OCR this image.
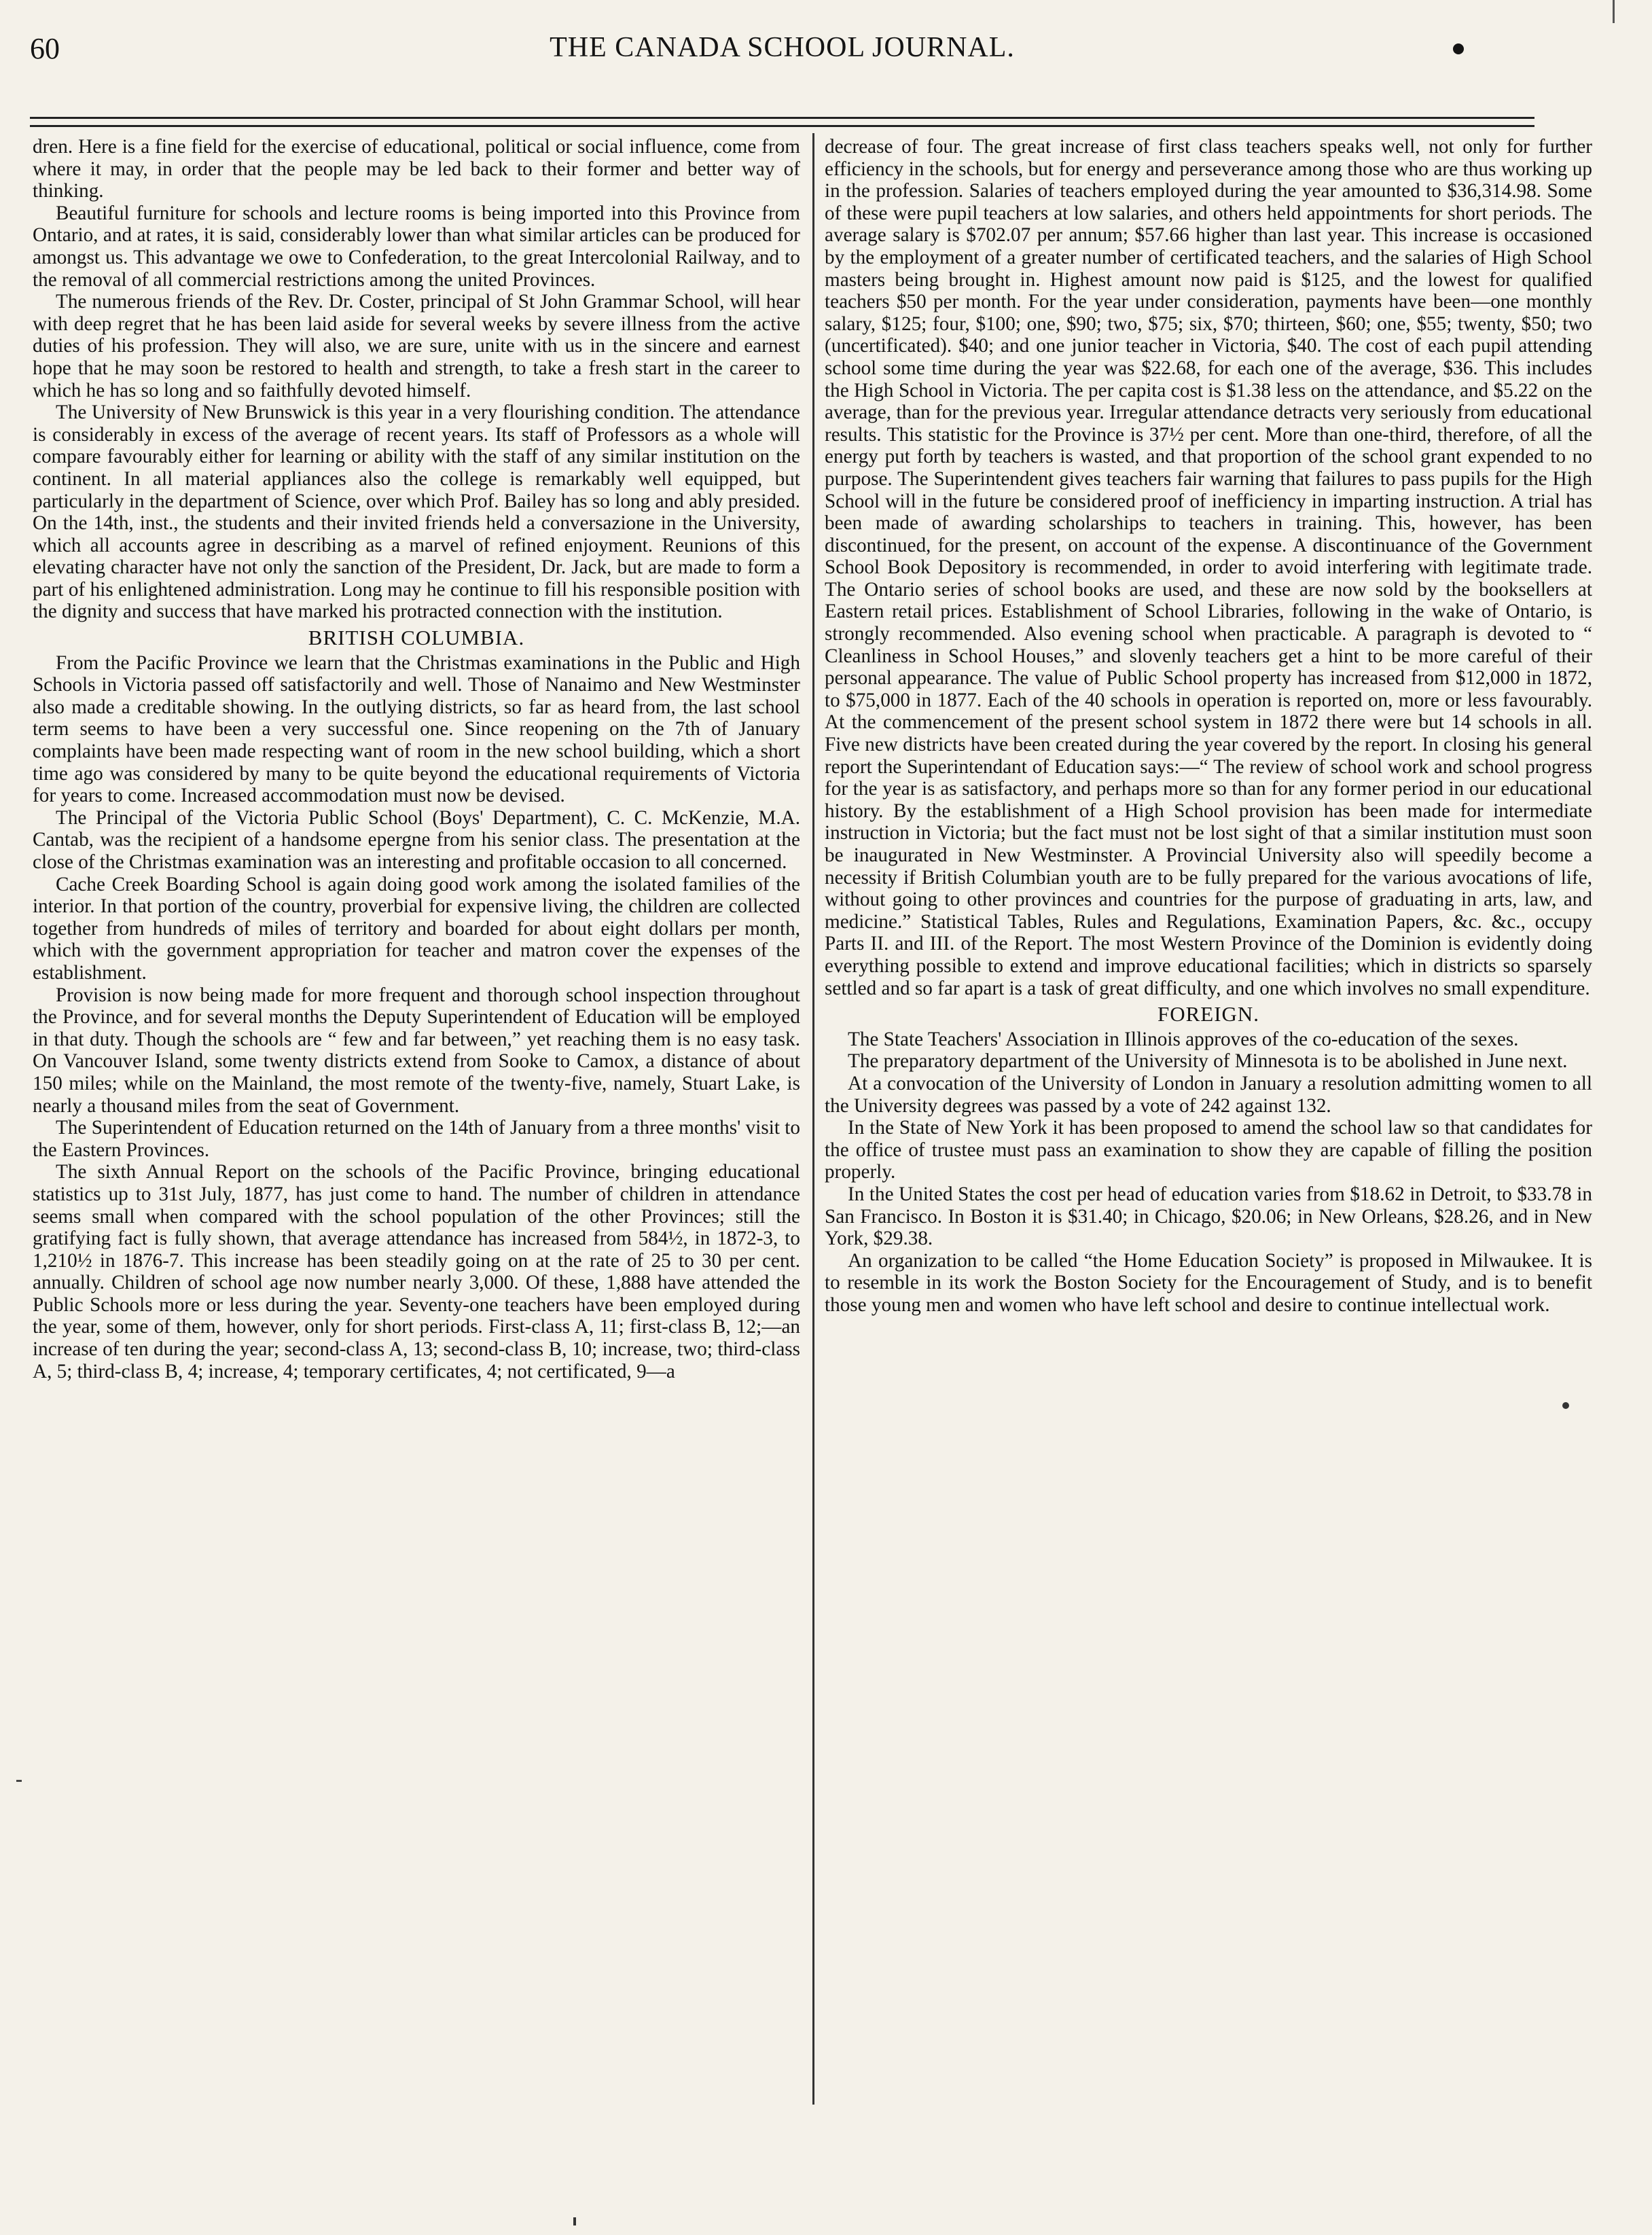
60	THE CANADA SCHOOL JOURNAL.

dren. Here is a fine field for the exercise of educational, political or social influence, come from where it may, in order that the people may be led back to their former and better way of thinking.

Beautiful furniture for schools and lecture rooms is being imported into this Province from Ontario, and at rates, it is said, considerably lower than what similar articles can be produced for amongst us. This advantage we owe to Confederation, to the great Intercolonial Railway, and to the removal of all commercial restrictions among the united Provinces.

The numerous friends of the Rev. Dr. Coster, principal of St John Grammar School, will hear with deep regret that he has been laid aside for several weeks by severe illness from the active duties of his profession. They will also, we are sure, unite with us in the sincere and earnest hope that he may soon be restored to health and strength, to take a fresh start in the career to which he has so long and so faithfully devoted himself.

The University of New Brunswick is this year in a very flourishing condition. The attendance is considerably in excess of the average of recent years. Its staff of Professors as a whole will compare favourably either for learning or ability with the staff of any similar institution on the continent. In all material appliances also the college is remarkably well equipped, but particularly in the department of Science, over which Prof. Bailey has so long and ably presided. On the 14th, inst., the students and their invited friends held a conversazione in the University, which all accounts agree in describing as a marvel of refined enjoyment. Reunions of this elevating character have not only the sanction of the President, Dr. Jack, but are made to form a part of his enlightened administration. Long may he continue to fill his responsible position with the dignity and success that have marked his protracted connection with the institution.

BRITISH COLUMBIA.

From the Pacific Province we learn that the Christmas examinations in the Public and High Schools in Victoria passed off satisfactorily and well. Those of Nanaimo and New Westminster also made a creditable showing. In the outlying districts, so far as heard from, the last school term seems to have been a very successful one. Since reopening on the 7th of January complaints have been made respecting want of room in the new school building, which a short time ago was considered by many to be quite beyond the educational requirements of Victoria for years to come. Increased accommodation must now be devised.

The Principal of the Victoria Public School (Boys' Department), C. C. McKenzie, M.A. Cantab, was the recipient of a handsome epergne from his senior class. The presentation at the close of the Christmas examination was an interesting and profitable occasion to all concerned.

Cache Creek Boarding School is again doing good work among the isolated families of the interior. In that portion of the country, proverbial for expensive living, the children are collected together from hundreds of miles of territory and boarded for about eight dollars per month, which with the government appropriation for teacher and matron cover the expenses of the establishment.

Provision is now being made for more frequent and thorough school inspection throughout the Province, and for several months the Deputy Superintendent of Education will be employed in that duty. Though the schools are “ few and far between,” yet reaching them is no easy task. On Vancouver Island, some twenty districts extend from Sooke to Camox, a distance of about 150 miles; while on the Mainland, the most remote of the twenty-five, namely, Stuart Lake, is nearly a thousand miles from the seat of Government.

The Superintendent of Education returned on the 14th of January from a three months' visit to the Eastern Provinces.

The sixth Annual Report on the schools of the Pacific Province, bringing educational statistics up to 31st July, 1877, has just come to hand. The number of children in attendance seems small when compared with the school population of the other Provinces; still the gratifying fact is fully shown, that average attendance has increased from 584½, in 1872-3, to 1,210½ in 1876-7. This increase has been steadily going on at the rate of 25 to 30 per cent. annually. Children of school age now number nearly 3,000. Of these, 1,888 have attended the Public Schools more or less during the year. Seventy-one teachers have been employed during the year, some of them, however, only for short periods. First-class A, 11; first-class B, 12;—an increase of ten during the year; second-class A, 13; second-class B, 10; increase, two; third-class A, 5; third-class B, 4; increase, 4; temporary certificates, 4; not certificated, 9—a

decrease of four. The great increase of first class teachers speaks well, not only for further efficiency in the schools, but for energy and perseverance among those who are thus working up in the profession. Salaries of teachers employed during the year amounted to $36,314.98. Some of these were pupil teachers at low salaries, and others held appointments for short periods. The average salary is $702.07 per annum; $57.66 higher than last year. This increase is occasioned by the employment of a greater number of certificated teachers, and the salaries of High School masters being brought in. Highest amount now paid is $125, and the lowest for qualified teachers $50 per month. For the year under consideration, payments have been—one monthly salary, $125; four, $100; one, $90; two, $75; six, $70; thirteen, $60; one, $55; twenty, $50; two (uncertificated). $40; and one junior teacher in Victoria, $40. The cost of each pupil attending school some time during the year was $22.68, for each one of the average, $36. This includes the High School in Victoria. The per capita cost is $1.38 less on the attendance, and $5.22 on the average, than for the previous year. Irregular attendance detracts very seriously from educational results. This statistic for the Province is 37½ per cent. More than one-third, therefore, of all the energy put forth by teachers is wasted, and that proportion of the school grant expended to no purpose. The Superintendent gives teachers fair warning that failures to pass pupils for the High School will in the future be considered proof of inefficiency in imparting instruction. A trial has been made of awarding scholarships to teachers in training. This, however, has been discontinued, for the present, on account of the expense. A discontinuance of the Government School Book Depository is recommended, in order to avoid interfering with legitimate trade. The Ontario series of school books are used, and these are now sold by the booksellers at Eastern retail prices. Establishment of School Libraries, following in the wake of Ontario, is strongly recommended. Also evening school when practicable. A paragraph is devoted to “ Cleanliness in School Houses,” and slovenly teachers get a hint to be more careful of their personal appearance. The value of Public School property has increased from $12,000 in 1872, to $75,000 in 1877. Each of the 40 schools in operation is reported on, more or less favourably. At the commencement of the present school system in 1872 there were but 14 schools in all. Five new districts have been created during the year covered by the report. In closing his general report the Superintendant of Education says:—“ The review of school work and school progress for the year is as satisfactory, and perhaps more so than for any former period in our educational history. By the establishment of a High School provision has been made for intermediate instruction in Victoria; but the fact must not be lost sight of that a similar institution must soon be inaugurated in New Westminster. A Provincial University also will speedily become a necessity if British Columbian youth are to be fully prepared for the various avocations of life, without going to other provinces and countries for the purpose of graduating in arts, law, and medicine.” Statistical Tables, Rules and Regulations, Examination Papers, &c. &c., occupy Parts II. and III. of the Report. The most Western Province of the Dominion is evidently doing everything possible to extend and improve educational facilities; which in districts so sparsely settled and so far apart is a task of great difficulty, and one which involves no small expenditure.

FOREIGN.

The State Teachers' Association in Illinois approves of the co-education of the sexes.

The preparatory department of the University of Minnesota is to be abolished in June next.

At a convocation of the University of London in January a resolution admitting women to all the University degrees was passed by a vote of 242 against 132.

In the State of New York it has been proposed to amend the school law so that candidates for the office of trustee must pass an examination to show they are capable of filling the position properly.

In the United States the cost per head of education varies from $18.62 in Detroit, to $33.78 in San Francisco. In Boston it is $31.40; in Chicago, $20.06; in New Orleans, $28.26, and in New York, $29.38.

An organization to be called “the Home Education Society” is proposed in Milwaukee. It is to resemble in its work the Boston Society for the Encouragement of Study, and is to benefit those young men and women who have left school and desire to continue intellectual work.
